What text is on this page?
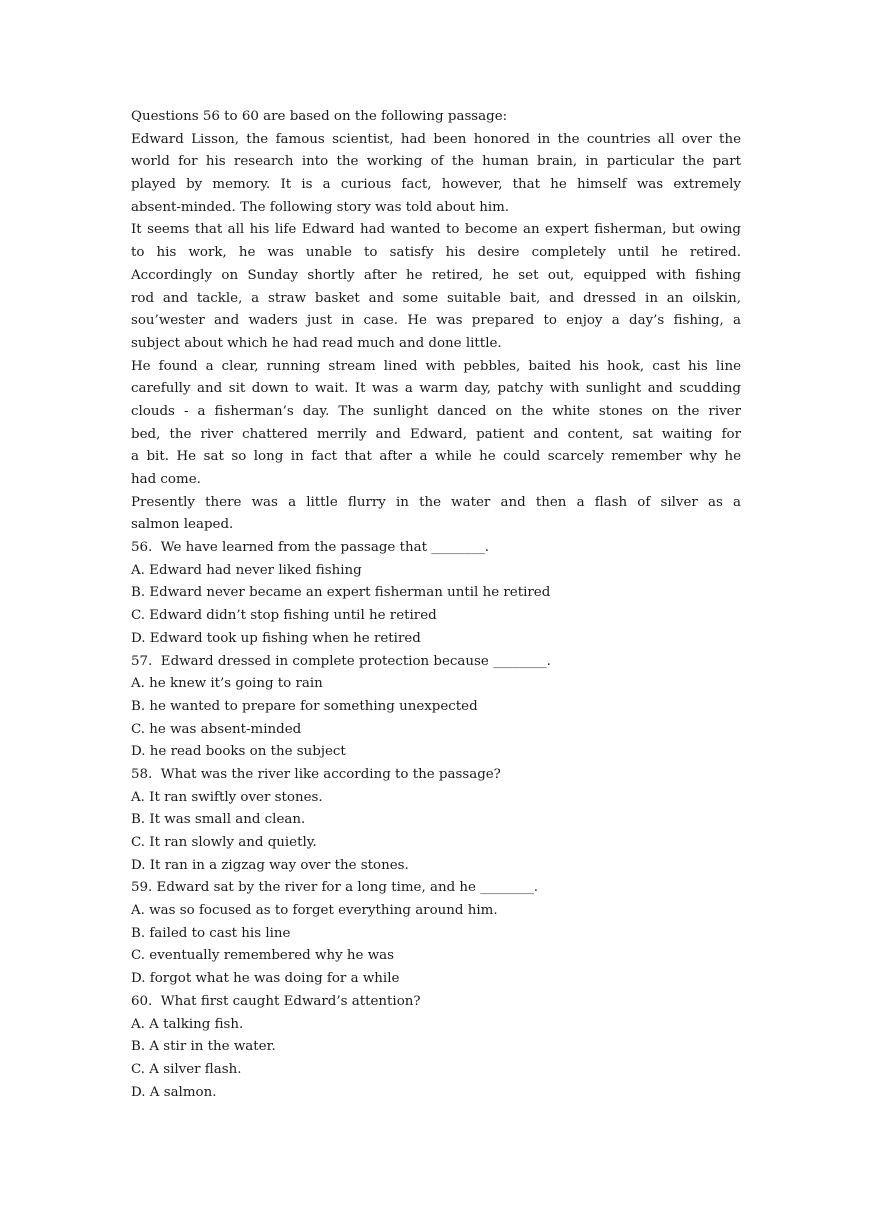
Questions 56 to 60 are based on the following passage:
Edward Lisson, the famous scientist, had been honored in the countries all over the
world for his research into the working of the human brain, in particular the part
played by memory. It is a curious fact, however, that he himself was extremely
absent-minded. The following story was told about him.
It seems that all his life Edward had wanted to become an expert fisherman, but owing
to his work, he was unable to satisfy his desire completely until he retired.
Accordingly on Sunday shortly after he retired, he set out, equipped with fishing
rod and tackle, a straw basket and some suitable bait, and dressed in an oilskin,
sou’wester and waders just in case. He was prepared to enjoy a day’s fishing, a
subject about which he had read much and done little.
He found a clear, running stream lined with pebbles, baited his hook, cast his line
carefully and sit down to wait. It was a warm day, patchy with sunlight and scudding
clouds - a fisherman’s day. The sunlight danced on the white stones on the river
bed, the river chattered merrily and Edward, patient and content, sat waiting for
a bit. He sat so long in fact that after a while he could scarcely remember why he
had come.
Presently there was a little flurry in the water and then a flash of silver as a
salmon leaped.
56.  We have learned from the passage that ________.
A. Edward had never liked fishing
B. Edward never became an expert fisherman until he retired
C. Edward didn’t stop fishing until he retired
D. Edward took up fishing when he retired
57.  Edward dressed in complete protection because ________.
A. he knew it’s going to rain
B. he wanted to prepare for something unexpected
C. he was absent-minded
D. he read books on the subject
58.  What was the river like according to the passage?
A. It ran swiftly over stones.
B. It was small and clean.
C. It ran slowly and quietly.
D. It ran in a zigzag way over the stones.
59. Edward sat by the river for a long time, and he ________.
A. was so focused as to forget everything around him.
B. failed to cast his line
C. eventually remembered why he was
D. forgot what he was doing for a while
60.  What first caught Edward’s attention?
A. A talking fish.
B. A stir in the water.
C. A silver flash.
D. A salmon.
